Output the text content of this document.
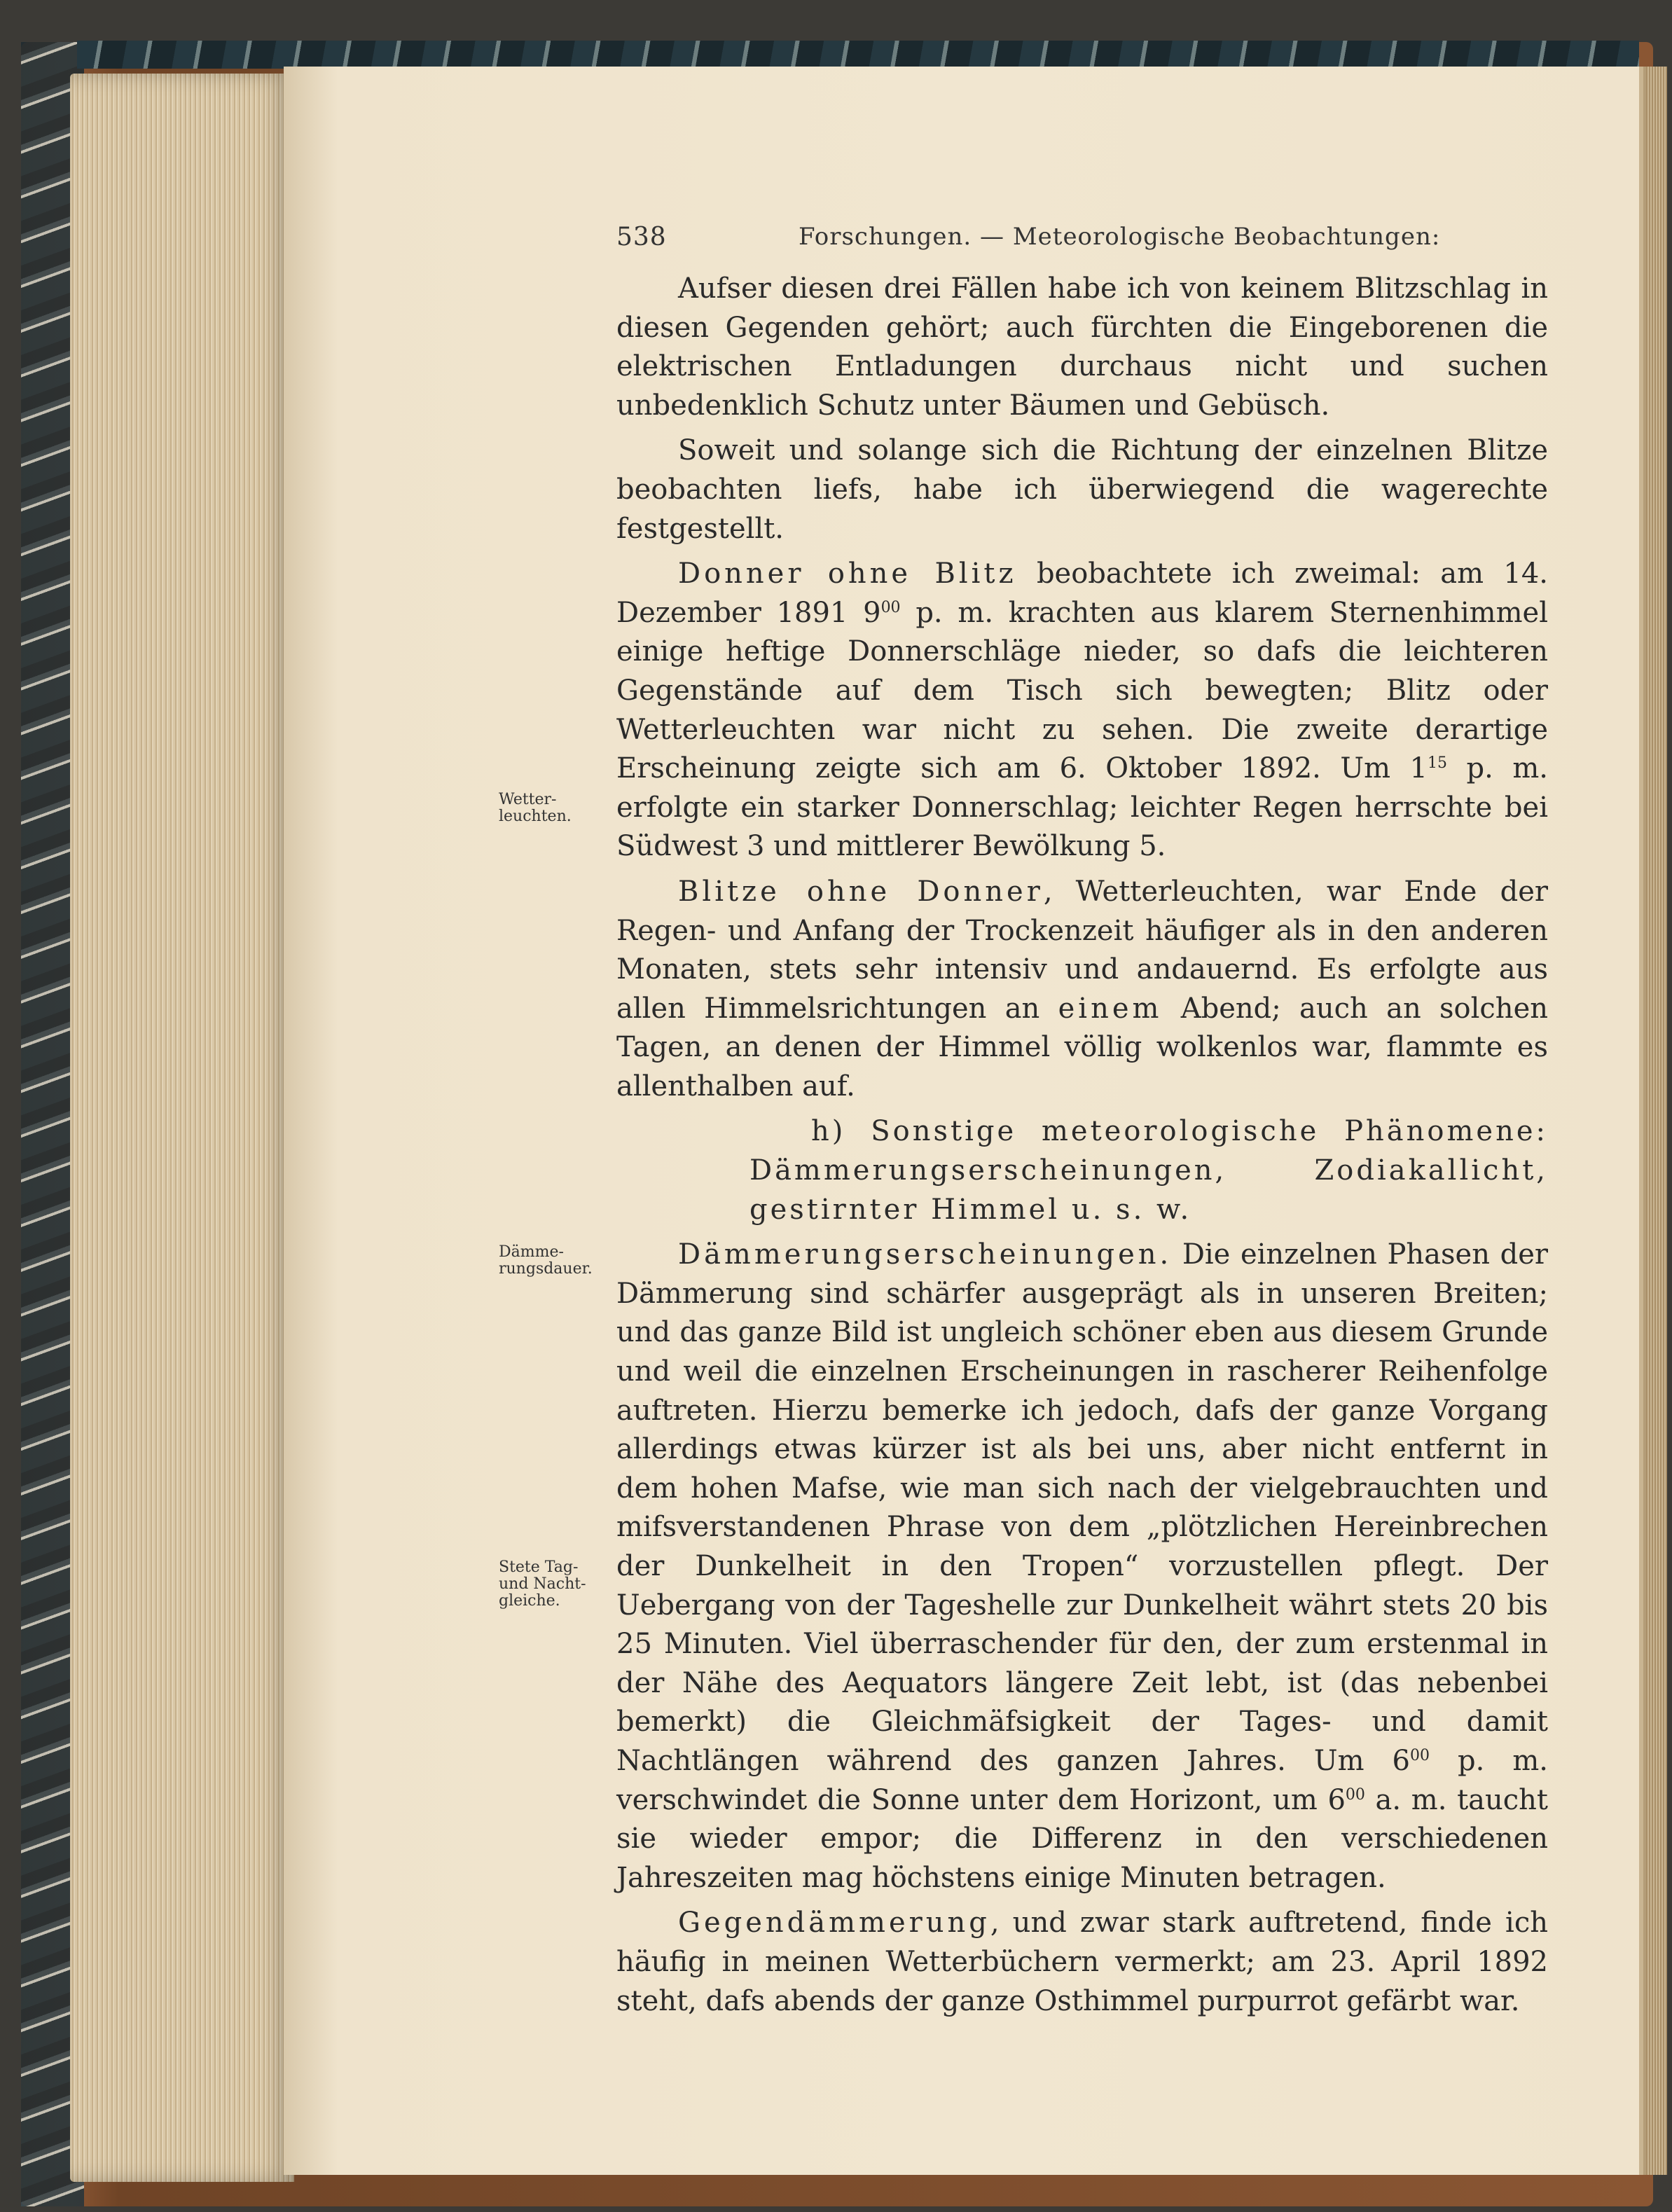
538	Forschungen. — Meteorologische Beobachtungen:
Wetter- leuchten.
Dämme- rungsdauer.
Stete Tag- und Nacht- gleiche.

Aufser diesen drei Fällen habe ich von keinem Blitzschlag in diesen Gegenden gehört; auch fürchten die Eingeborenen die elektrischen Entladungen durchaus nicht und suchen unbedenklich Schutz unter Bäumen und Gebüsch.

Soweit und solange sich die Richtung der einzelnen Blitze beobachten liefs, habe ich überwiegend die wagerechte festgestellt.

Donner ohne Blitz beobachtete ich zweimal: am 14. Dezember 1891 $9^{00}$ p. m. krachten aus klarem Sternenhimmel einige heftige Donnerschläge nieder, so dafs die leichteren Gegenstände auf dem Tisch sich bewegten; Blitz oder Wetterleuchten war nicht zu sehen. Die zweite derartige Erscheinung zeigte sich am 6. Oktober 1892. Um $1^{15}$ p. m. erfolgte ein starker Donnerschlag; leichter Regen herrschte bei Südwest 3 und mittlerer Bewölkung 5.

Blitze ohne Donner, Wetterleuchten, war Ende der Regen- und Anfang der Trockenzeit häufiger als in den anderen Monaten, stets sehr intensiv und andauernd. Es erfolgte aus allen Himmelsrichtungen an einem Abend; auch an solchen Tagen, an denen der Himmel völlig wolkenlos war, flammte es allenthalben auf.

h) Sonstige meteorologische Phänomene: Dämmerungserscheinungen, Zodiakallicht, gestirnter Himmel u. s. w.

Dämmerungserscheinungen. Die einzelnen Phasen der Dämmerung sind schärfer ausgeprägt als in unseren Breiten; und das ganze Bild ist ungleich schöner eben aus diesem Grunde und weil die einzelnen Erscheinungen in rascherer Reihenfolge auftreten. Hierzu bemerke ich jedoch, dafs der ganze Vorgang allerdings etwas kürzer ist als bei uns, aber nicht entfernt in dem hohen Mafse, wie man sich nach der vielgebrauchten und mifsverstandenen Phrase von dem „plötzlichen Hereinbrechen der Dunkelheit in den Tropen“ vorzustellen pflegt. Der Uebergang von der Tageshelle zur Dunkelheit währt stets 20 bis 25 Minuten. Viel überraschender für den, der zum erstenmal in der Nähe des Aequators längere Zeit lebt, ist (das nebenbei bemerkt) die Gleichmäfsigkeit der Tages- und damit Nachtlängen während des ganzen Jahres. Um $6^{00}$ p. m. verschwindet die Sonne unter dem Horizont, um $6^{00}$ a. m. taucht sie wieder empor; die Differenz in den verschiedenen Jahreszeiten mag höchstens einige Minuten betragen.

Gegendämmerung, und zwar stark auftretend, finde ich häufig in meinen Wetterbüchern vermerkt; am 23. April 1892 steht, dafs abends der ganze Osthimmel purpurrot gefärbt war.
